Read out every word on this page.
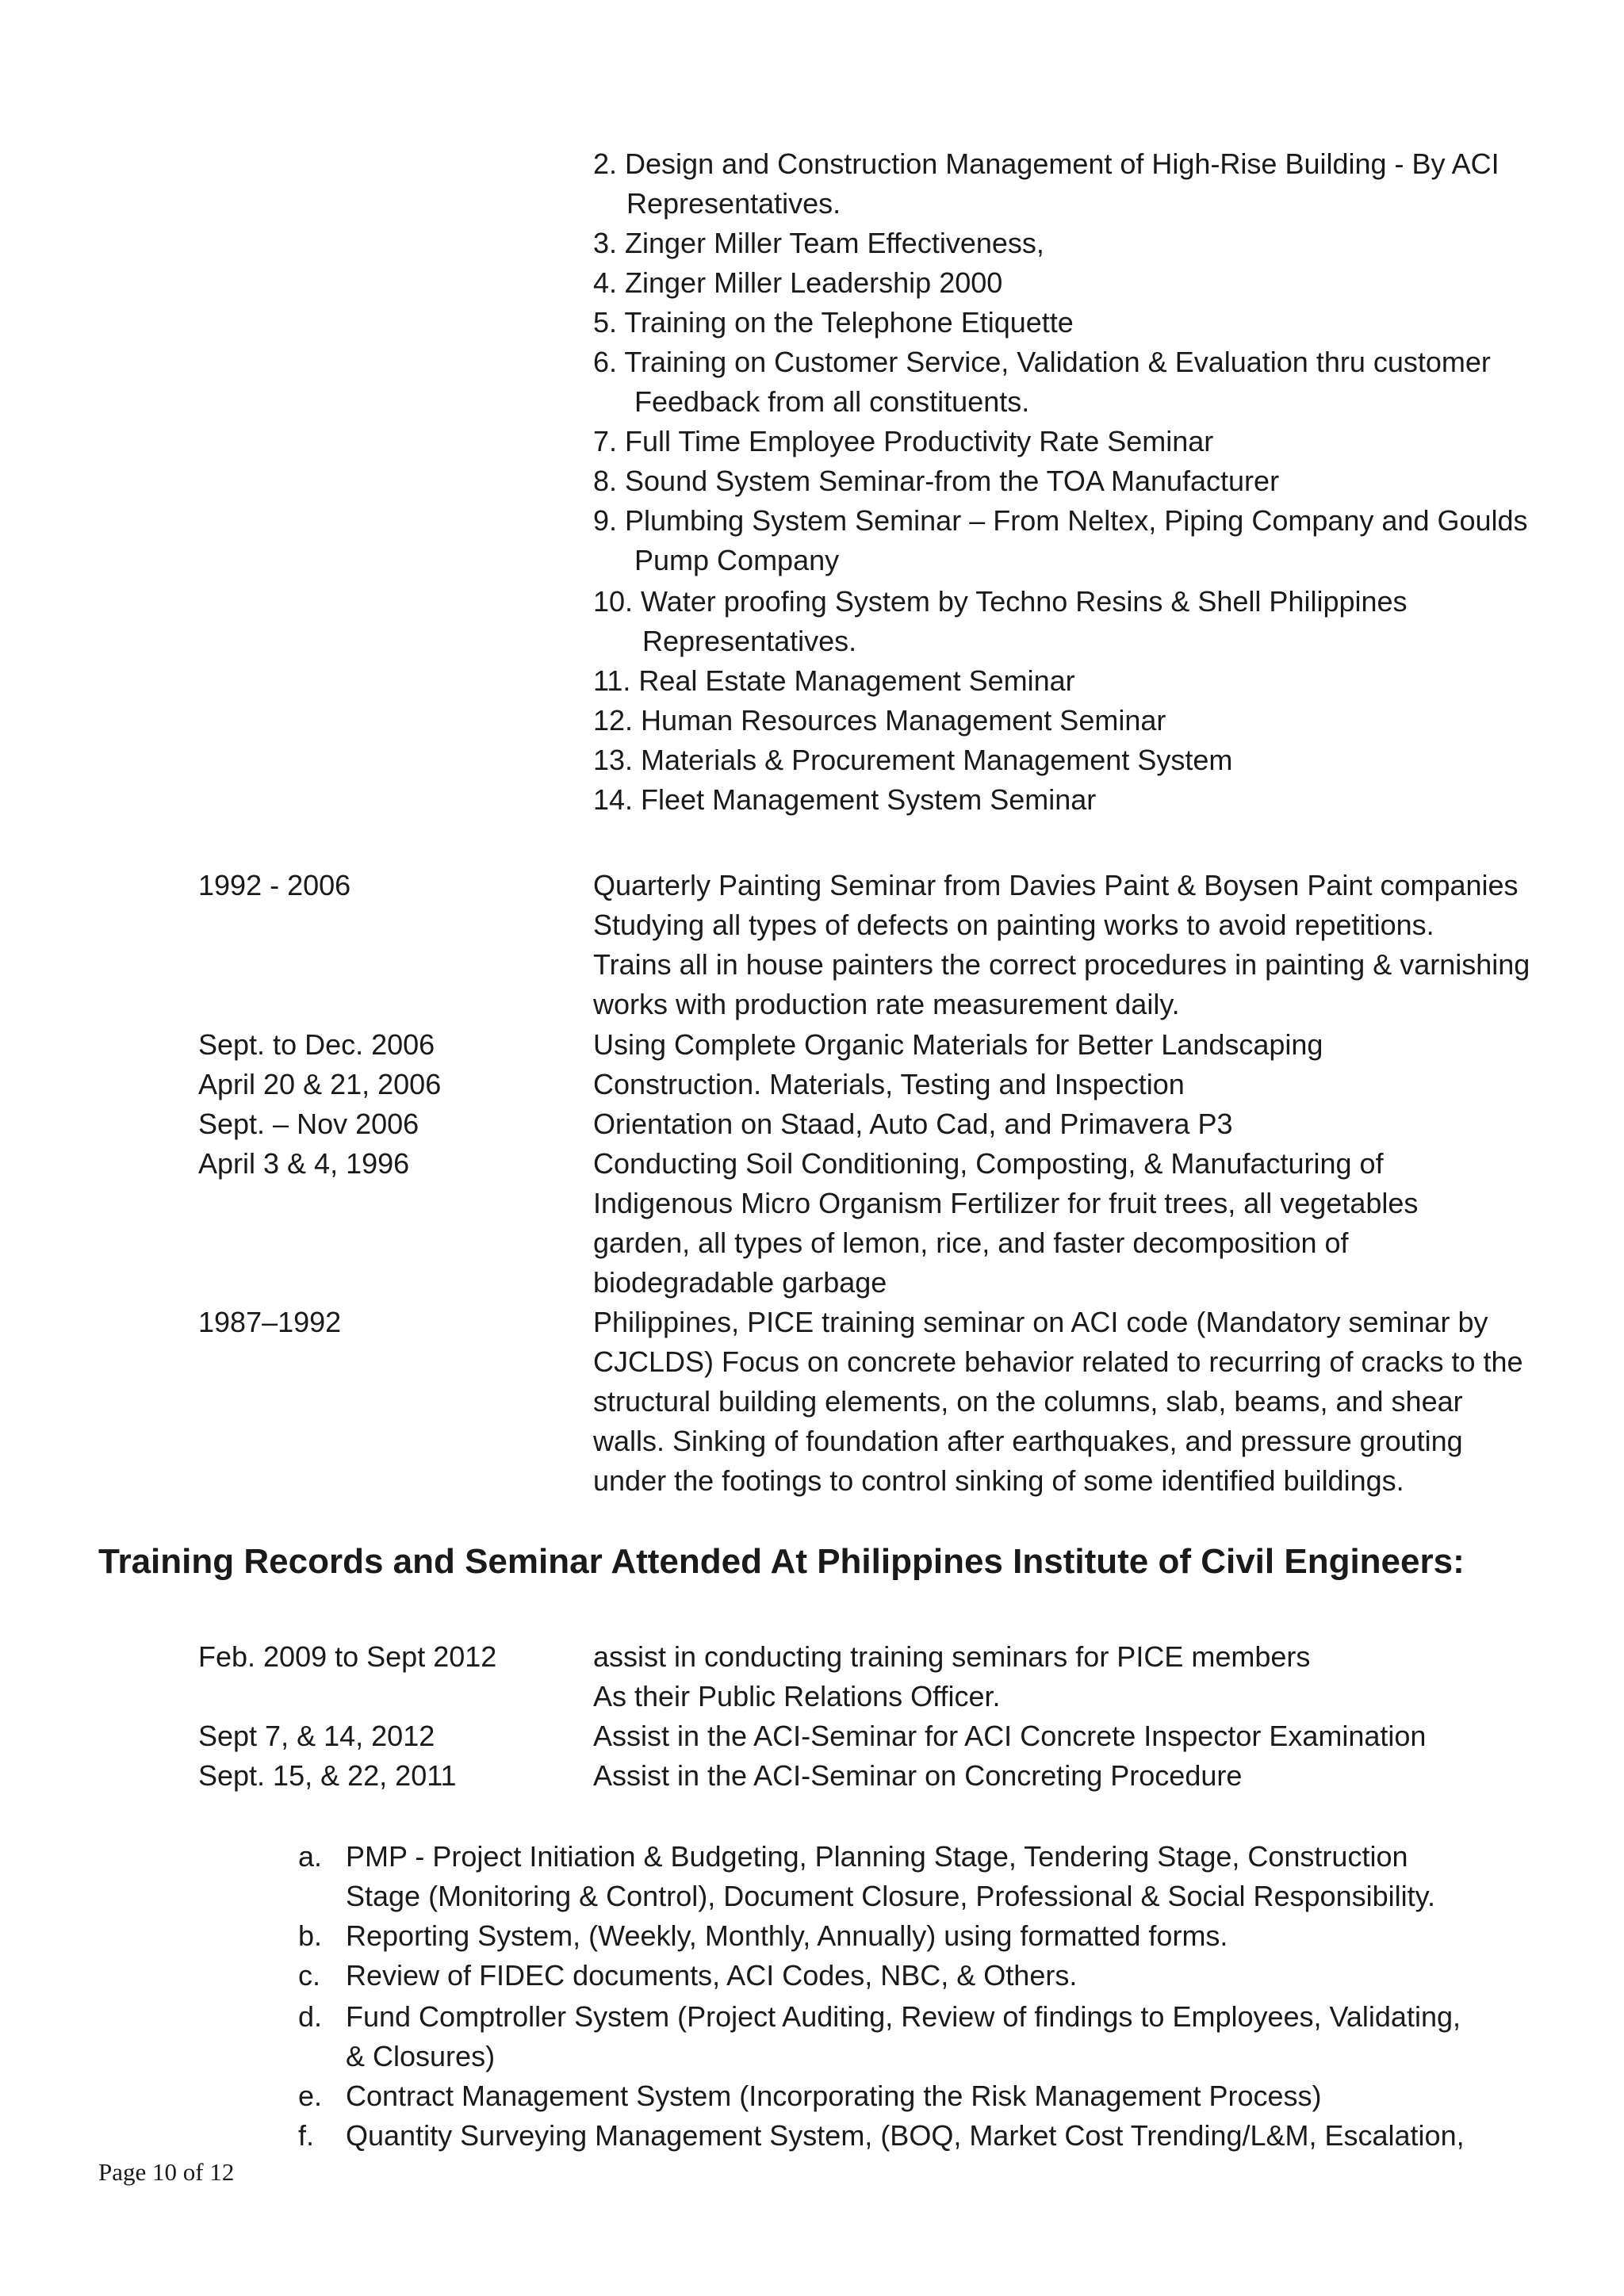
2. Design and Construction Management of High-Rise Building - By ACI
Representatives.
3. Zinger Miller Team Effectiveness,
4. Zinger Miller Leadership 2000
5. Training on the Telephone Etiquette
6. Training on Customer Service, Validation & Evaluation thru customer
Feedback from all constituents.
7. Full Time Employee Productivity Rate Seminar
8. Sound System Seminar-from the TOA Manufacturer
9. Plumbing System Seminar – From Neltex, Piping Company and Goulds
Pump Company
10. Water proofing System by Techno Resins & Shell Philippines
Representatives.
11. Real Estate Management Seminar
12. Human Resources Management Seminar
13. Materials & Procurement Management System
14. Fleet Management System Seminar
1992 - 2006	Quarterly Painting Seminar from Davies Paint & Boysen Paint companies
Studying all types of defects on painting works to avoid repetitions.
Trains all in house painters the correct procedures in painting & varnishing
works with production rate measurement daily.
Sept. to Dec. 2006	Using Complete Organic Materials for Better Landscaping
April 20 & 21, 2006	Construction. Materials, Testing and Inspection
Sept. – Nov 2006	Orientation on Staad, Auto Cad, and Primavera P3
April 3 & 4, 1996	Conducting Soil Conditioning, Composting, & Manufacturing of
Indigenous Micro Organism Fertilizer for fruit trees, all vegetables
garden, all types of lemon, rice, and faster decomposition of
biodegradable garbage
1987–1992	Philippines, PICE training seminar on ACI code (Mandatory seminar by
CJCLDS) Focus on concrete behavior related to recurring of cracks to the
structural building elements, on the columns, slab, beams, and shear
walls. Sinking of foundation after earthquakes, and pressure grouting
under the footings to control sinking of some identified buildings.
Training Records and Seminar Attended At Philippines Institute of Civil Engineers:
Feb. 2009 to Sept 2012	assist in conducting training seminars for PICE members
As their Public Relations Officer.
Sept 7, & 14, 2012	Assist in the ACI-Seminar for ACI Concrete Inspector Examination
Sept. 15, & 22, 2011	Assist in the ACI-Seminar on Concreting Procedure
a. PMP - Project Initiation & Budgeting, Planning Stage, Tendering Stage, Construction
Stage (Monitoring & Control), Document Closure, Professional & Social Responsibility.
b. Reporting System, (Weekly, Monthly, Annually) using formatted forms.
c. Review of FIDEC documents, ACI Codes, NBC, & Others.
d. Fund Comptroller System (Project Auditing, Review of findings to Employees, Validating,
& Closures)
e. Contract Management System (Incorporating the Risk Management Process)
f.	Quantity Surveying Management System, (BOQ, Market Cost Trending/L&M, Escalation,
Page 10 of 12
